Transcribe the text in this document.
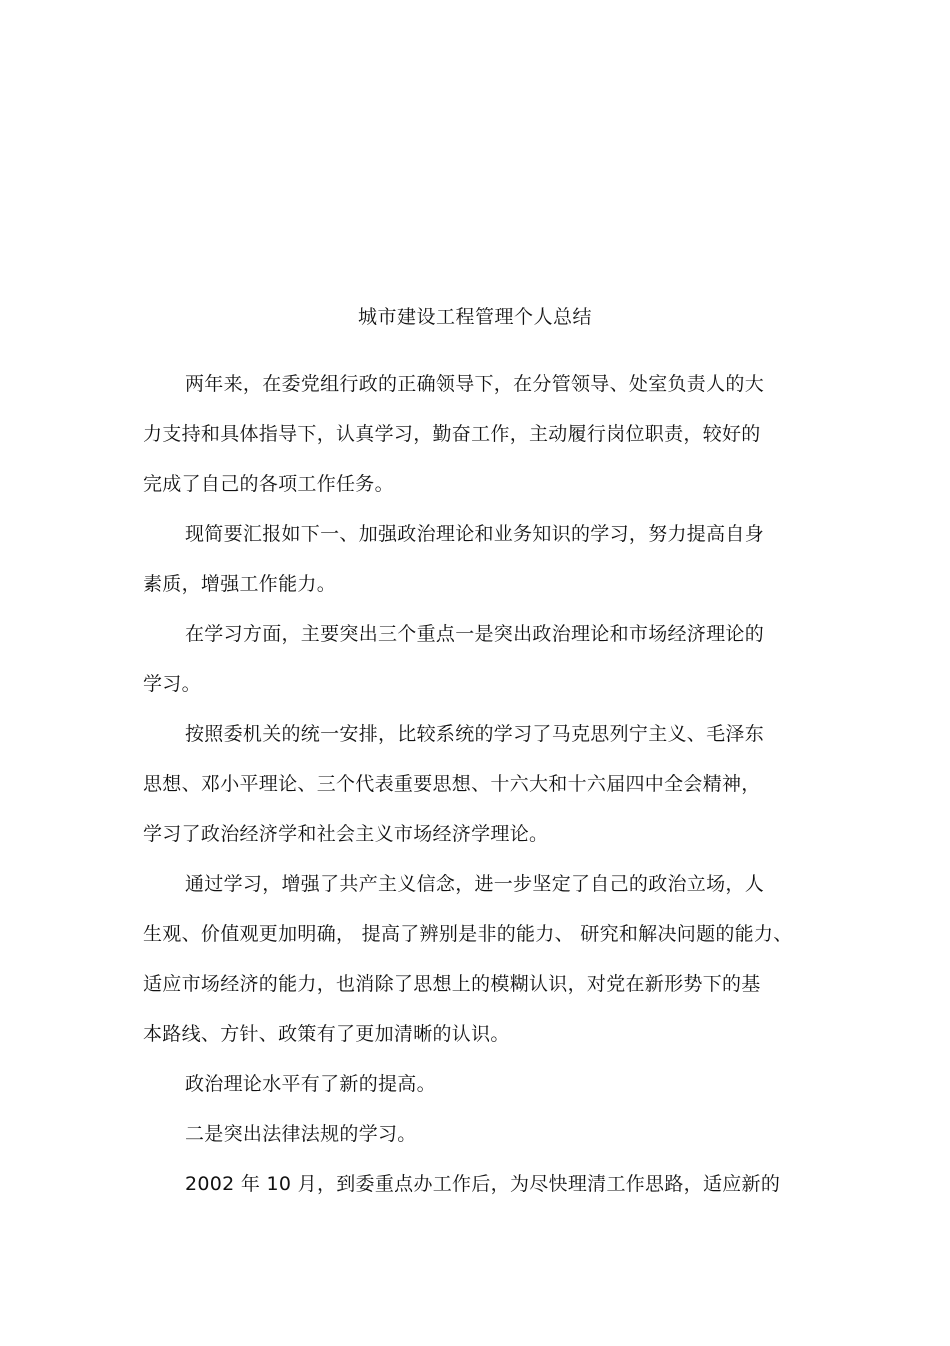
城市建设工程管理个人总结
两年来，在委党组行政的正确领导下，在分管领导、处室负责人的大
力支持和具体指导下，认真学习，勤奋工作，主动履行岗位职责，较好的
完成了自己的各项工作任务。
现简要汇报如下一、加强政治理论和业务知识的学习，努力提高自身
素质，增强工作能力。
在学习方面，主要突出三个重点一是突出政治理论和市场经济理论的
学习。
按照委机关的统一安排，比较系统的学习了马克思列宁主义、毛泽东
思想、邓小平理论、三个代表重要思想、十六大和十六届四中全会精神，
学习了政治经济学和社会主义市场经济学理论。
通过学习，增强了共产主义信念，进一步坚定了自己的政治立场，人
生观、价值观更加明确， 提高了辨别是非的能力、 研究和解决问题的能力、
适应市场经济的能力，也消除了思想上的模糊认识，对党在新形势下的基
本路线、方针、政策有了更加清晰的认识。
政治理论水平有了新的提高。
二是突出法律法规的学习。
2002 年 10 月，到委重点办工作后，为尽快理清工作思路，适应新的
